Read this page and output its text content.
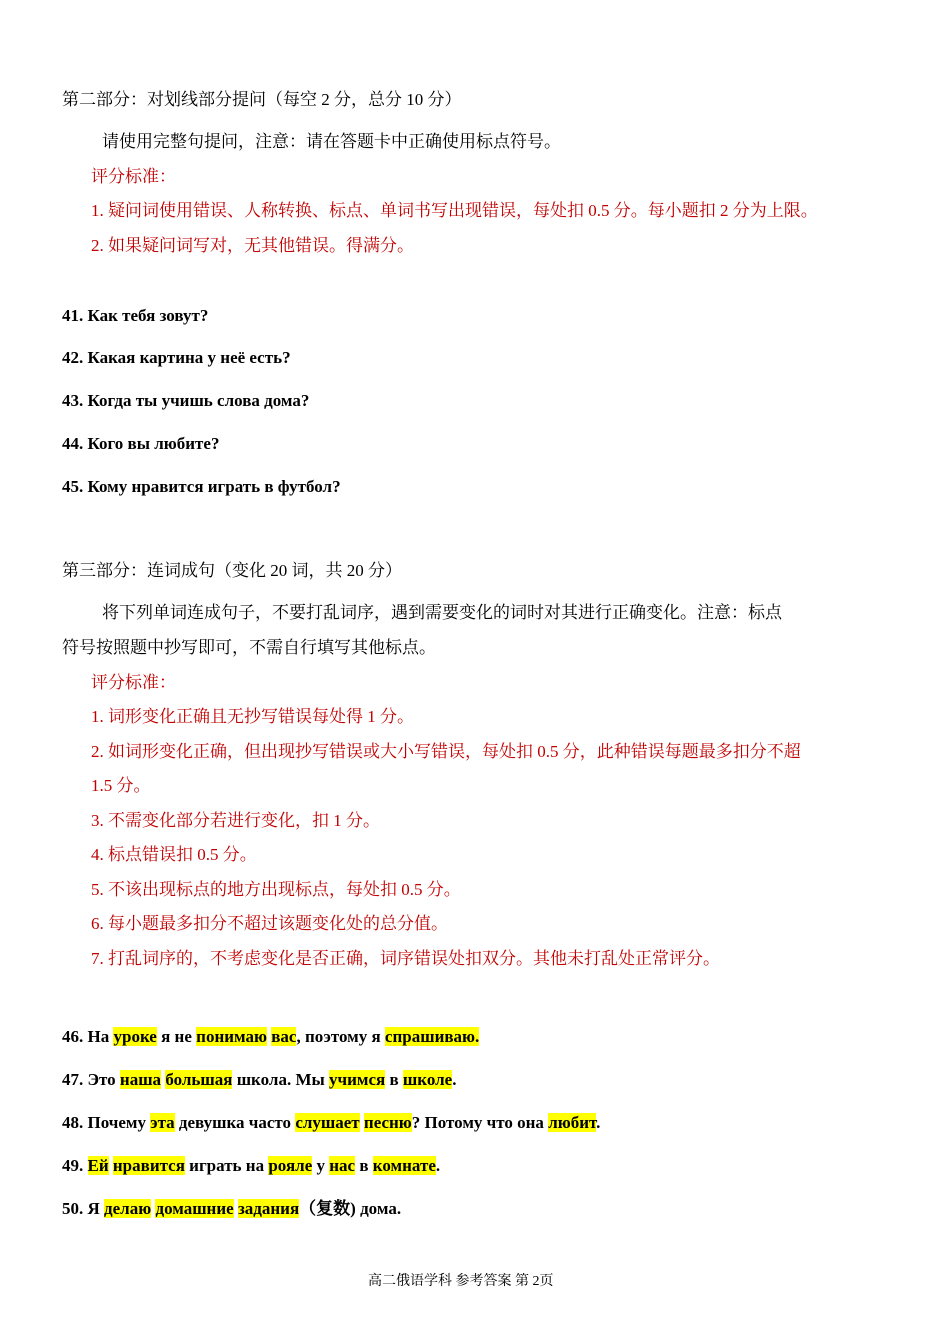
第二部分：对划线部分提问（每空 2 分，总分 10 分）
请使用完整句提问，注意：请在答题卡中正确使用标点符号。
评分标准：
1. 疑问词使用错误、人称转换、标点、单词书写出现错误，每处扣 0.5 分。每小题扣 2 分为上限。
2. 如果疑问词写对，无其他错误。得满分。
41. Как тебя зовут?
42. Какая картина у неё есть?
43. Когда ты учишь слова дома?
44. Кого вы любите?
45. Кому нравится играть в футбол?
第三部分：连词成句（变化 20 词，共 20 分）
将下列单词连成句子，不要打乱词序，遇到需要变化的词时对其进行正确变化。注意：标点
符号按照题中抄写即可，不需自行填写其他标点。
评分标准：
1. 词形变化正确且无抄写错误每处得 1 分。
2. 如词形变化正确，但出现抄写错误或大小写错误，每处扣 0.5 分，此种错误每题最多扣分不超
1.5 分。
3. 不需变化部分若进行变化，扣 1 分。
4. 标点错误扣 0.5 分。
5. 不该出现标点的地方出现标点，每处扣 0.5 分。
6. 每小题最多扣分不超过该题变化处的总分值。
7. 打乱词序的，不考虑变化是否正确，词序错误处扣双分。其他未打乱处正常评分。
46. На уроке я не понимаю вас, поэтому я спрашиваю.
47. Это наша большая школа. Мы учимся в школе.
48. Почему эта девушка часто слушает песню? Потому что она любит.
49. Ей нравится играть на рояле у нас в комнате.
50. Я делаю домашние задания（复数) дома.
高二俄语学科 参考答案 第 2页
